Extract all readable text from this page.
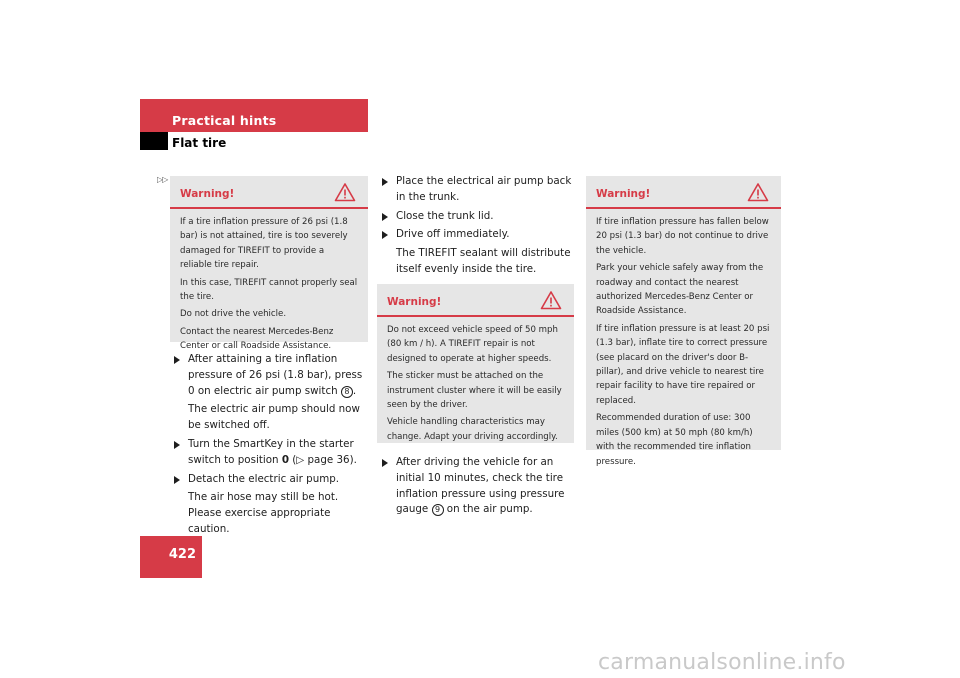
Practical hints
Flat tire
▷▷
Warning!

If a tire inflation pressure of 26 psi (1.8 bar) is not attained, tire is too severely damaged for TIREFIT to provide a reliable tire repair.

In this case, TIREFIT cannot properly seal the tire.

Do not drive the vehicle.

Contact the nearest Mercedes-Benz Center or call Roadside Assistance.

After attaining a tire inflation pressure of 26 psi (1.8 bar), press 0 on electric air pump switch 8 .
The electric air pump should now be switched off.
Turn the SmartKey in the starter switch to position 0 (▷ page 36).
Detach the electric air pump.
The air hose may still be hot. Please exercise appropriate caution.
Place the electrical air pump back in the trunk.
Close the trunk lid.
Drive off immediately.
The TIREFIT sealant will distribute itself evenly inside the tire.
Warning!

Do not exceed vehicle speed of 50 mph (80 km / h). A TIREFIT repair is not designed to operate at higher speeds.

The sticker must be attached on the instrument cluster where it will be easily seen by the driver.

Vehicle handling characteristics may change. Adapt your driving accordingly.

After driving the vehicle for an initial 10 minutes, check the tire inflation pressure using pressure gauge 9 on the air pump.
Warning!

If tire inflation pressure has fallen below 20 psi (1.3 bar) do not continue to drive the vehicle.

Park your vehicle safely away from the roadway and contact the nearest authorized Mercedes-Benz Center or Roadside Assistance.

If tire inflation pressure is at least 20 psi (1.3 bar), inflate tire to correct pressure (see placard on the driver's door B-pillar), and drive vehicle to nearest tire repair facility to have tire repaired or replaced.

Recommended duration of use: 300 miles (500 km) at 50 mph (80 km/h) with the recommended tire inflation pressure.

422
carmanualsonline.info
